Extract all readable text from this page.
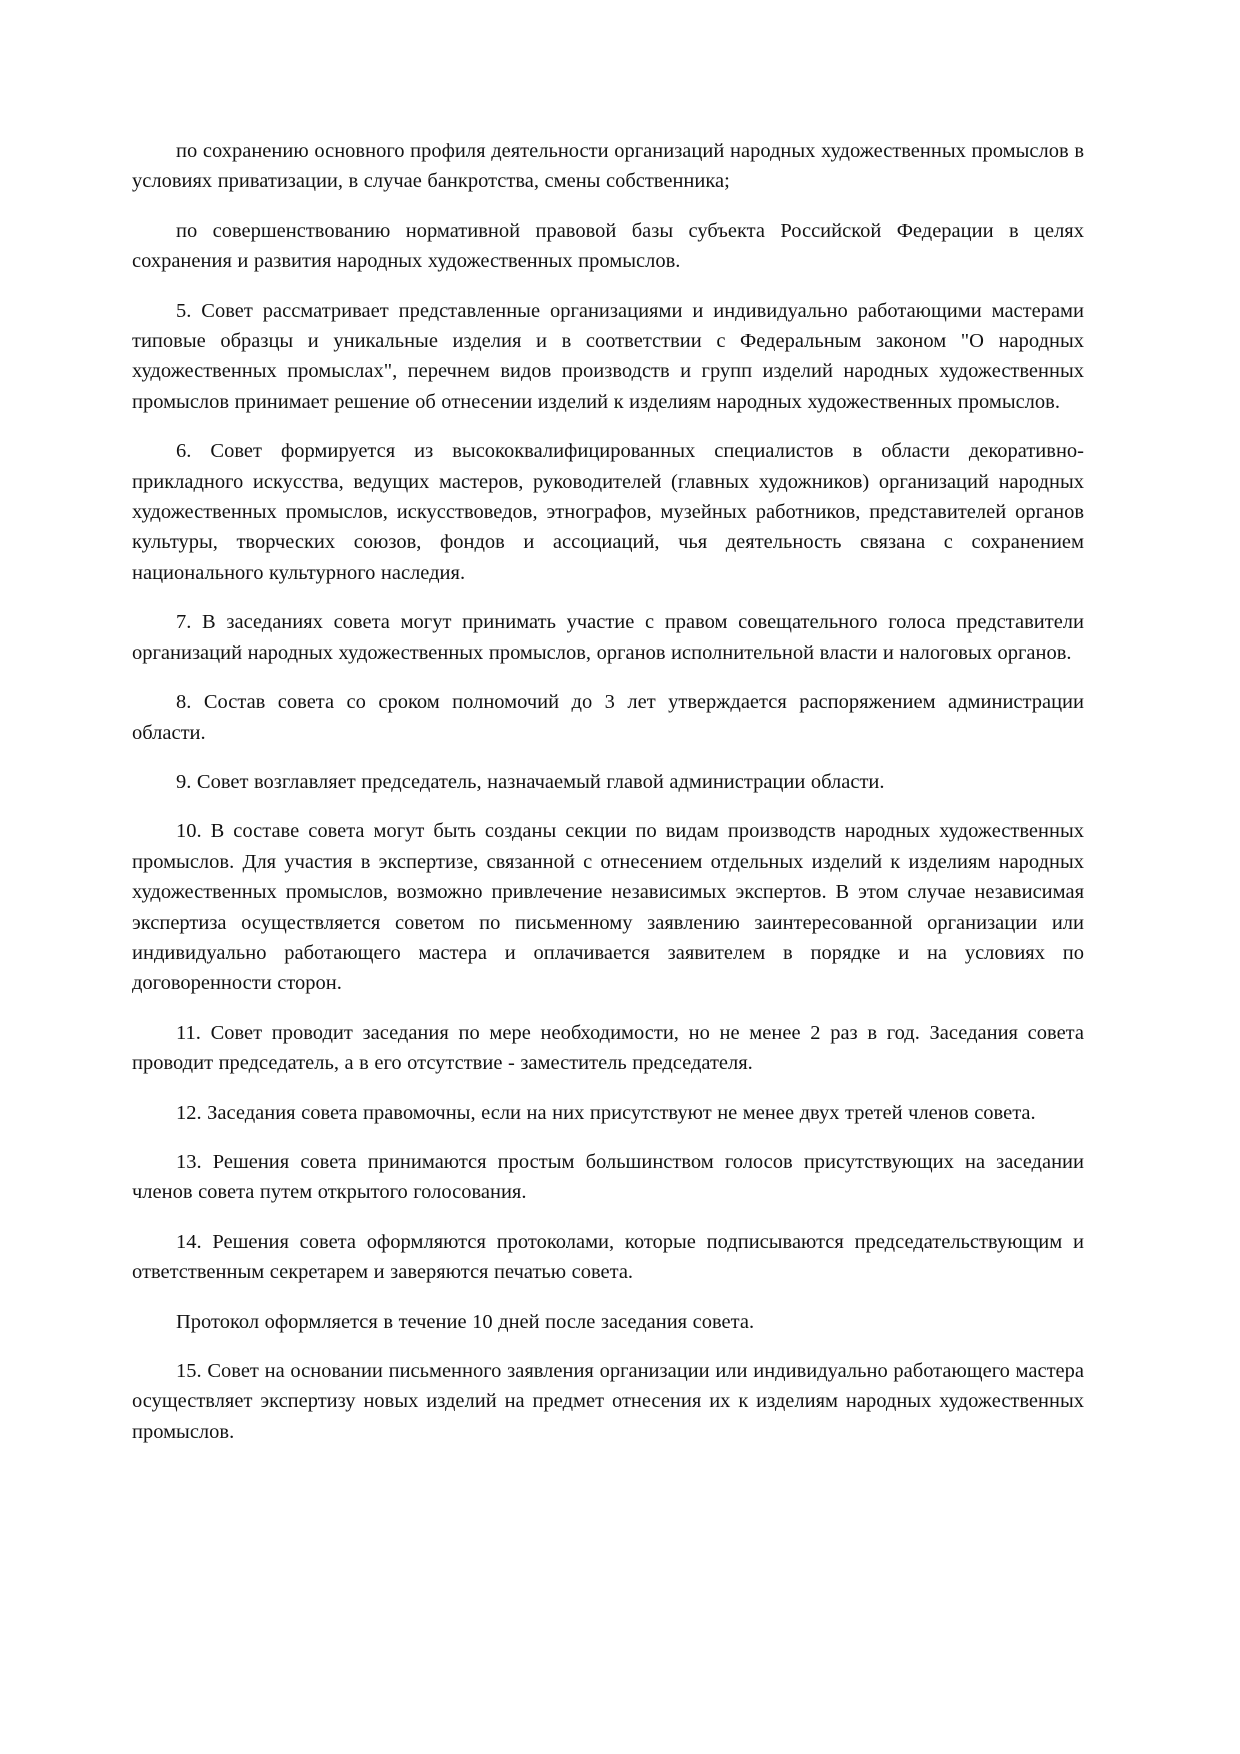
по сохранению основного профиля деятельности организаций народных художественных промыслов в условиях приватизации, в случае банкротства, смены собственника;

по совершенствованию нормативной правовой базы субъекта Российской Федерации в целях сохранения и развития народных художественных промыслов.

5. Совет рассматривает представленные организациями и индивидуально работающими мастерами типовые образцы и уникальные изделия и в соответствии с Федеральным законом "О народных художественных промыслах", перечнем видов производств и групп изделий народных художественных промыслов принимает решение об отнесении изделий к изделиям народных художественных промыслов.

6. Совет формируется из высококвалифицированных специалистов в области декоративно-прикладного искусства, ведущих мастеров, руководителей (главных художников) организаций народных художественных промыслов, искусствоведов, этнографов, музейных работников, представителей органов культуры, творческих союзов, фондов и ассоциаций, чья деятельность связана с сохранением национального культурного наследия.

7. В заседаниях совета могут принимать участие с правом совещательного голоса представители организаций народных художественных промыслов, органов исполнительной власти и налоговых органов.

8. Состав совета со сроком полномочий до 3 лет утверждается распоряжением администрации области.

9. Совет возглавляет председатель, назначаемый главой администрации области.

10. В составе совета могут быть созданы секции по видам производств народных художественных промыслов. Для участия в экспертизе, связанной с отнесением отдельных изделий к изделиям народных художественных промыслов, возможно привлечение независимых экспертов. В этом случае независимая экспертиза осуществляется советом по письменному заявлению заинтересованной организации или индивидуально работающего мастера и оплачивается заявителем в порядке и на условиях по договоренности сторон.

11. Совет проводит заседания по мере необходимости, но не менее 2 раз в год. Заседания совета проводит председатель, а в его отсутствие - заместитель председателя.

12. Заседания совета правомочны, если на них присутствуют не менее двух третей членов совета.

13. Решения совета принимаются простым большинством голосов присутствующих на заседании членов совета путем открытого голосования.

14. Решения совета оформляются протоколами, которые подписываются председательствующим и ответственным секретарем и заверяются печатью совета.

Протокол оформляется в течение 10 дней после заседания совета.

15. Совет на основании письменного заявления организации или индивидуально работающего мастера осуществляет экспертизу новых изделий на предмет отнесения их к изделиям народных художественных промыслов.
